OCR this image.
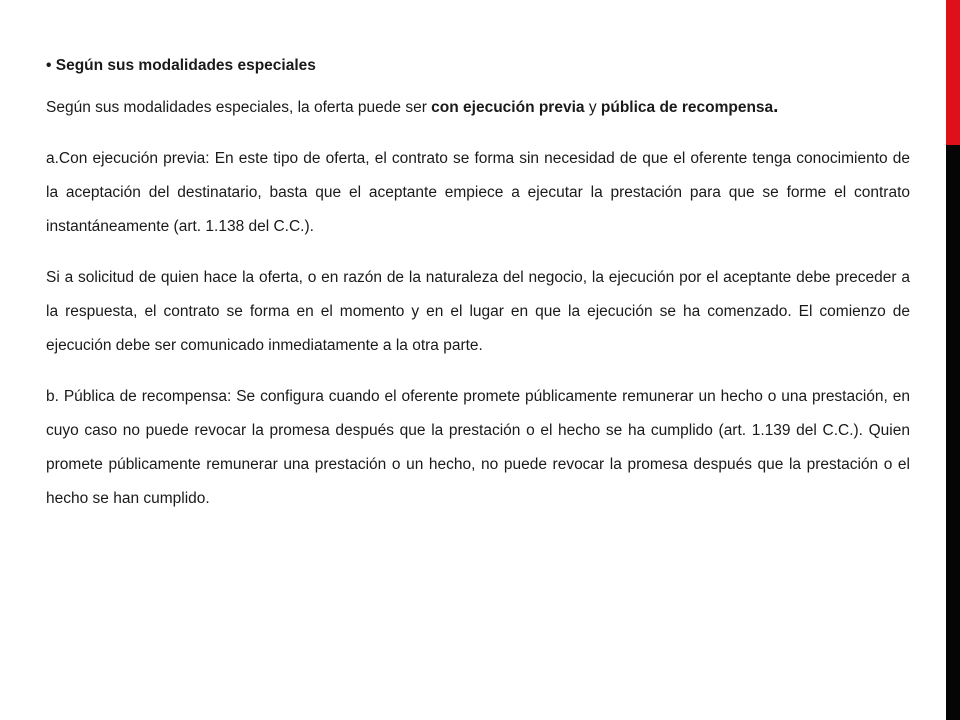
• Según sus modalidades especiales

Según sus modalidades especiales, la oferta puede ser con ejecución previa y pública de recompensa.

a.Con ejecución previa: En este tipo de oferta, el contrato se forma sin necesidad de que el oferente tenga conocimiento de la aceptación del destinatario, basta que el aceptante empiece a ejecutar la prestación para que se forme el contrato instantáneamente (art. 1.138 del C.C.).

Si a solicitud de quien hace la oferta, o en razón de la naturaleza del negocio, la ejecución por el aceptante debe preceder a la respuesta, el contrato se forma en el momento y en el lugar en que la ejecución se ha comenzado. El comienzo de ejecución debe ser comunicado inmediatamente a la otra parte.

b. Pública de recompensa: Se configura cuando el oferente promete públicamente remunerar un hecho o una prestación, en cuyo caso no puede revocar la promesa después que la prestación o el hecho se ha cumplido (art. 1.139 del C.C.). Quien promete públicamente remunerar una prestación o un hecho, no puede revocar la promesa después que la prestación o el hecho se han cumplido.
